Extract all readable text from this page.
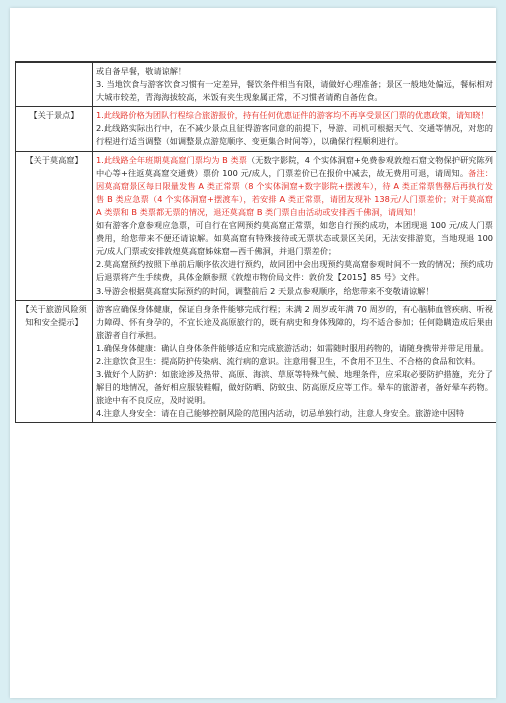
	或自备早餐，敬请谅解！

3. 当地饮食与游客饮食习惯有一定差异，餐饮条件相当有限，请做好心理准备；景区一般地处偏远，餐标相对大城市较差，青海海拔较高，米饭有夹生现象属正常，不习惯者请酌自备佐食。

【关于景点】	1.此线路价格为团队行程综合旅游报价，持有任何优惠证件的游客均不再享受景区门票的优惠政策，请知晓！

2.此线路实际出行中，在不减少景点且征得游客同意的前提下，导游、司机可根据天气、交通等情况，对您的行程进行适当调整（如调整景点游览顺序、变更集合时间等），以确保行程顺利进行。

【关于莫高窟】	1.此线路全年班期莫高窟门票均为 B 类票（无数字影院，4 个实体洞窟+免费参观敦煌石窟文物保护研究陈列中心等+往返莫高窟交通费）票价 100 元/成人，门票差价已在报价中减去，故无费用可退，请周知。备注：因莫高窟景区每日限量发售 A 类正常票（8 个实体洞窟+数字影院+摆渡车），待 A 类正常票售罄后再执行发售 B 类应急票（4 个实体洞窟+摆渡车），若安排 A 类正常票，请团友现补 138元/人门票差价；对于莫高窟 A 类票和 B 类票都无票的情况，退还莫高窟 B 类门票自由活动或安排西千佛洞，请周知！

如有游客介意参观应急票，可自行在官网预约莫高窟正常票，如您自行预约成功，本团现退 100 元/成人门票费用，给您带来不便还请谅解。如莫高窟有特殊接待或无票状态或景区关闭，无法安排游览，当地现退 100 元/成人门票或安排敦煌莫高窟姊妹窟—西千佛洞，并退门票差价；

2.莫高窟预约按照下单前后顺序依次进行预约，故同团中会出现预约莫高窟参观时间不一致的情况；预约成功后退票将产生手续费，具体金额参照《敦煌市物价局文件：敦价发【2015】85 号》文件。

3.导游会根据莫高窟实际预约的时间，调整前后 2 天景点参观顺序，给您带来不变敬请谅解！

【关于旅游风险须知和安全提示】	游客应确保身体健康，保证自身条件能够完成行程；未满 2 周岁或年满 70 周岁的，有心脑肺血管疾病、听视力障碍、怀有身孕的，不宜长途及高原旅行的，既有病史和身体残障的，均不适合参加；任何隐瞒造成后果由旅游者自行承担。

1.确保身体健康：确认自身体条件能够适应和完成旅游活动；如需随时服用药物的，请随身携带并带足用量。

2.注意饮食卫生：提高防护传染病、流行病的意识。注意用餐卫生，不食用不卫生、不合格的食品和饮料。

3.做好个人防护：如旅途涉及热带、高原、海滨、草原等特殊气候、地理条件，应采取必要防护措施，充分了解目的地情况，备好相应服装鞋帽，做好防晒、防蚊虫、防高原反应等工作。晕车的旅游者，备好晕车药物。旅途中有不良反应，及时说明。

4.注意人身安全：请在自己能够控制风险的范围内活动，切忌单独行动，注意人身安全。旅游途中因特
